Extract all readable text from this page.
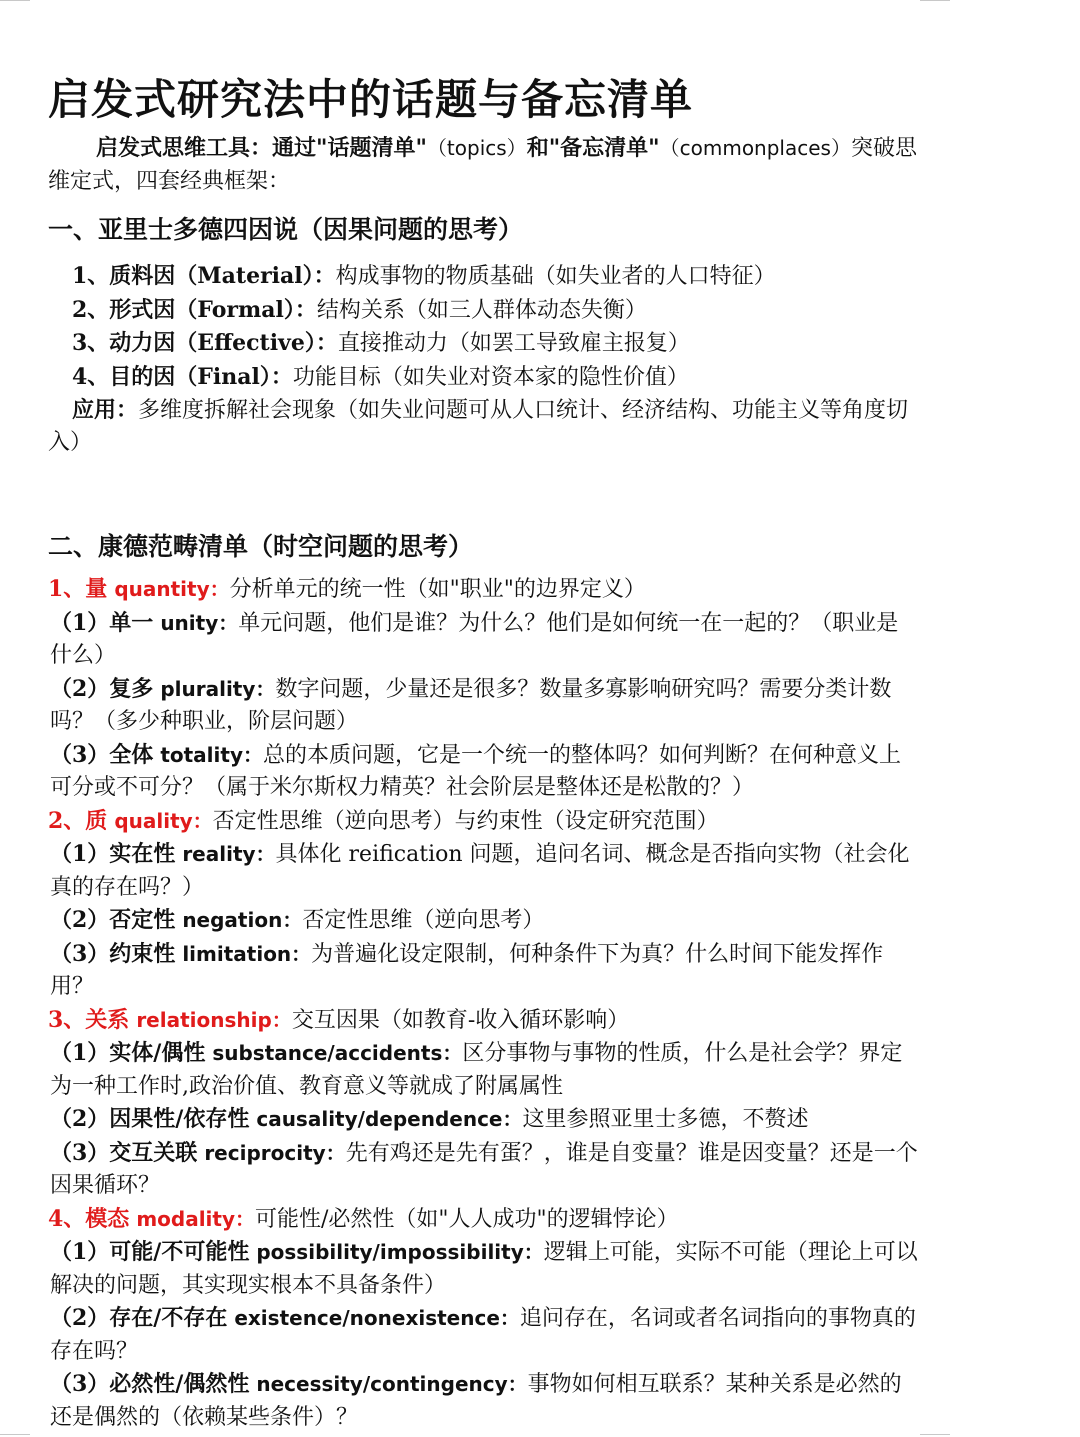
启发式研究法中的话题与备忘清单
启发式思维工具：通过"话题清单"（topics）和"备忘清单"（commonplaces）突破思维定式，四套经典框架：
一、亚里士多德四因说（因果问题的思考）
1、质料因（Material）：构成事物的物质基础（如失业者的人口特征）
2、形式因（Formal）：结构关系（如三人群体动态失衡）
3、动力因（Effective）：直接推动力（如罢工导致雇主报复）
4、目的因（Final）：功能目标（如失业对资本家的隐性价值）
应用：多维度拆解社会现象（如失业问题可从人口统计、经济结构、功能主义等角度切入）
二、康德范畴清单（时空问题的思考）

1、量 quantity：分析单元的统一性（如"职业"的边界定义）

（1）单一 unity：单元问题，他们是谁？为什么？他们是如何统一在一起的？（职业是什么）

（2）复多 plurality：数字问题，少量还是很多？数量多寡影响研究吗？需要分类计数吗？（多少种职业，阶层问题）

（3）全体 totality：总的本质问题，它是一个统一的整体吗？如何判断？在何种意义上可分或不可分？（属于米尔斯权力精英？社会阶层是整体还是松散的？）

2、质 quality：否定性思维（逆向思考）与约束性（设定研究范围）

（1）实在性 reality：具体化 reification 问题，追问名词、概念是否指向实物（社会化真的存在吗？）

（2）否定性 negation：否定性思维（逆向思考）

（3）约束性 limitation：为普遍化设定限制，何种条件下为真？什么时间下能发挥作用？

3、关系 relationship：交互因果（如教育-收入循环影响）

（1）实体/偶性 substance/accidents：区分事物与事物的性质，什么是社会学？界定为一种工作时,政治价值、教育意义等就成了附属属性

（2）因果性/依存性 causality/dependence：这里参照亚里士多德，不赘述

（3）交互关联 reciprocity：先有鸡还是先有蛋？，谁是自变量？谁是因变量？还是一个因果循环？

4、模态 modality：可能性/必然性（如"人人成功"的逻辑悖论）

（1）可能/不可能性 possibility/impossibility：逻辑上可能，实际不可能（理论上可以解决的问题，其实现实根本不具备条件）

（2）存在/不存在 existence/nonexistence：追问存在，名词或者名词指向的事物真的存在吗？

（3）必然性/偶然性 necessity/contingency：事物如何相互联系？某种关系是必然的还是偶然的（依赖某些条件）？
